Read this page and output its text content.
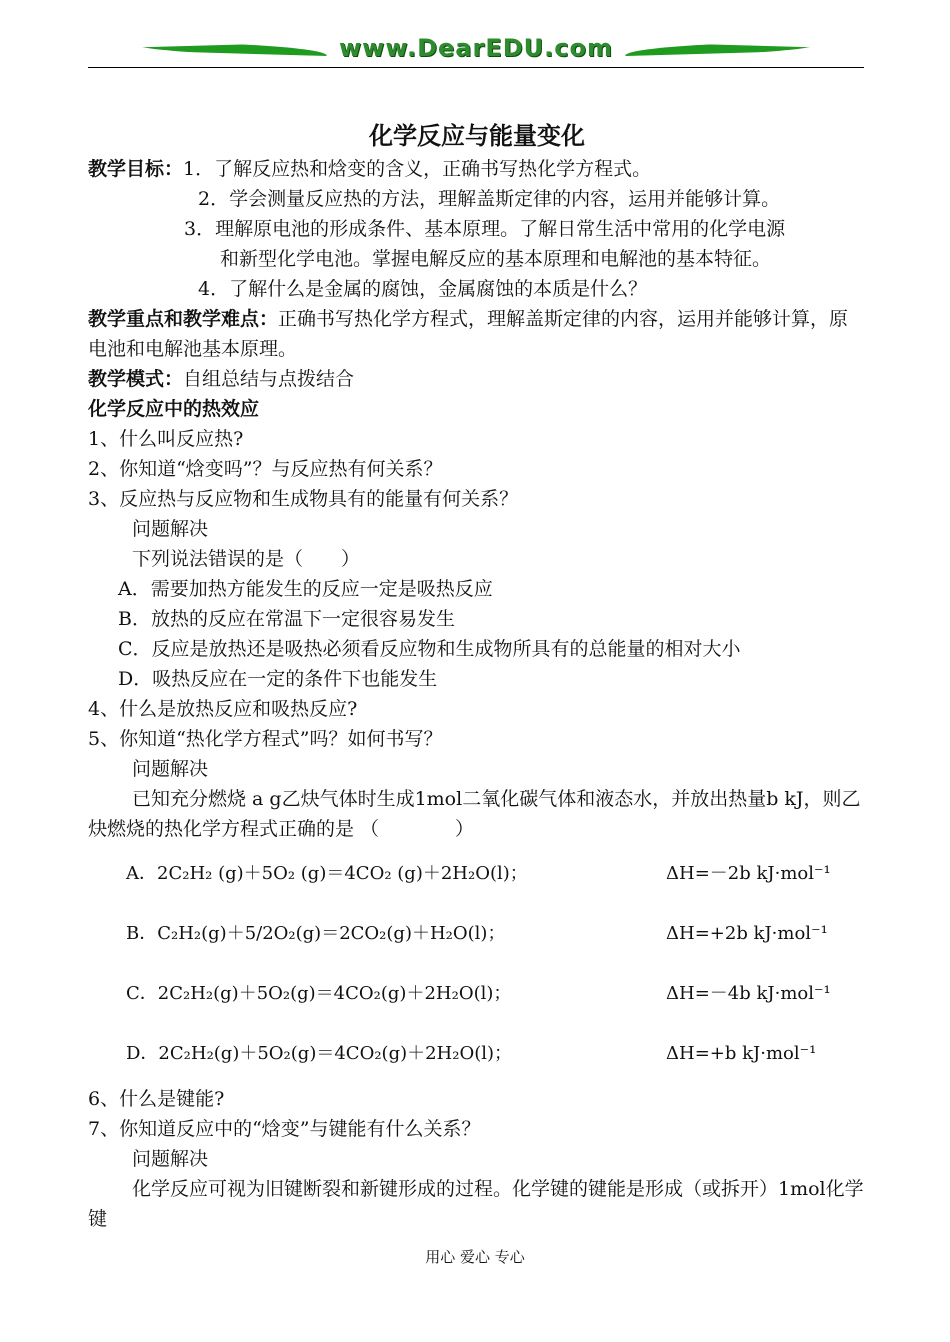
www.DearEDU.com
化学反应与能量变化
教学目标：1．了解反应热和焓变的含义，正确书写热化学方程式。
2．学会测量反应热的方法，理解盖斯定律的内容，运用并能够计算。
3．理解原电池的形成条件、基本原理。了解日常生活中常用的化学电源
和新型化学电池。掌握电解反应的基本原理和电解池的基本特征。
4．了解什么是金属的腐蚀，金属腐蚀的本质是什么？
教学重点和教学难点：正确书写热化学方程式，理解盖斯定律的内容，运用并能够计算，原电池和电解池基本原理。
教学模式：自组总结与点拨结合
化学反应中的热效应
1、什么叫反应热?
2、你知道“焓变吗”？与反应热有何关系？
3、反应热与反应物和生成物具有的能量有何关系？
问题解决
下列说法错误的是（　　）
A．需要加热方能发生的反应一定是吸热反应
B．放热的反应在常温下一定很容易发生
C．反应是放热还是吸热必须看反应物和生成物所具有的总能量的相对大小
D．吸热反应在一定的条件下也能发生
4、什么是放热反应和吸热反应?
5、你知道“热化学方程式”吗？如何书写？
问题解决
已知充分燃烧 a g乙炔气体时生成1mol二氧化碳气体和液态水，并放出热量b kJ，则乙炔燃烧的热化学方程式正确的是 （　　　　）
A．2C₂H₂ (g)＋5O₂ (g)＝4CO₂ (g)＋2H₂O(l)；	ΔH=－2b kJ·mol⁻¹
B．C₂H₂(g)＋5/2O₂(g)＝2CO₂(g)＋H₂O(l)；	ΔH=+2b kJ·mol⁻¹
C．2C₂H₂(g)＋5O₂(g)＝4CO₂(g)＋2H₂O(l)；	ΔH=－4b kJ·mol⁻¹
D．2C₂H₂(g)＋5O₂(g)＝4CO₂(g)＋2H₂O(l)；	ΔH=+b kJ·mol⁻¹
6、什么是键能?
7、你知道反应中的“焓变”与键能有什么关系？
问题解决
化学反应可视为旧键断裂和新键形成的过程。化学键的键能是形成（或拆开）1mol化学键
用心 爱心 专心
